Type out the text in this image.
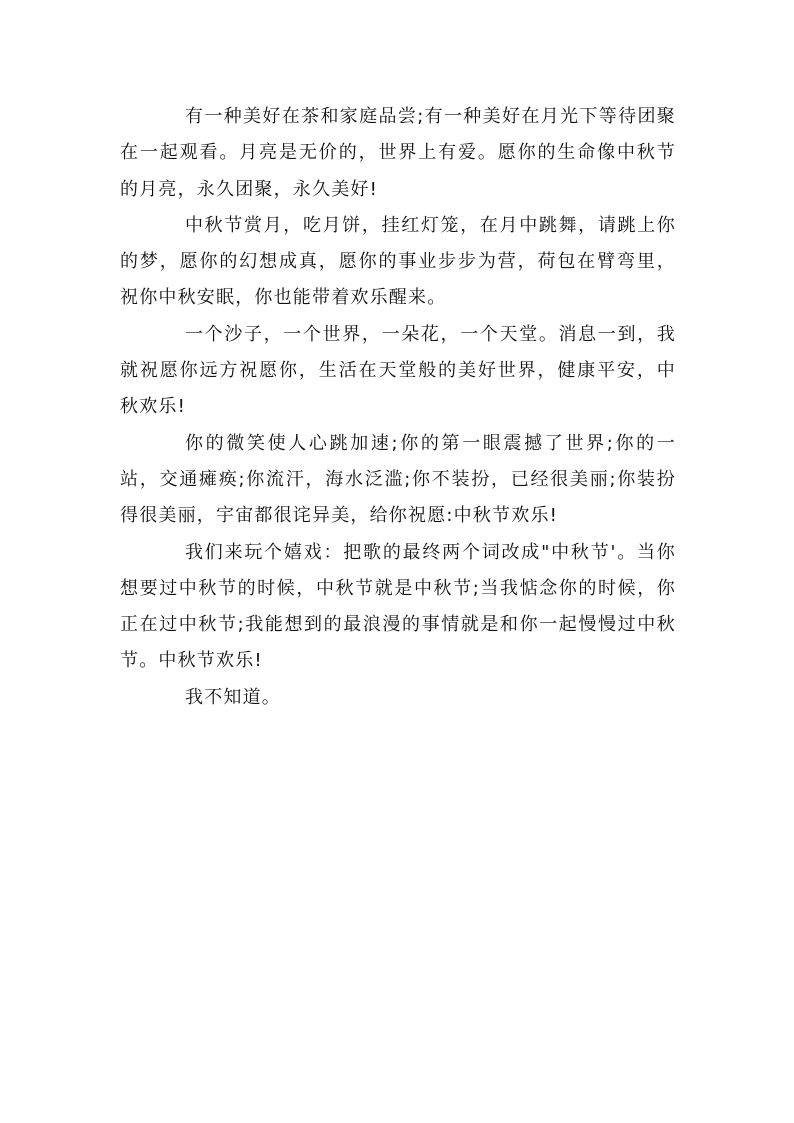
有一种美好在茶和家庭品尝;有一种美好在月光下等待团聚在一起观看。月亮是无价的，世界上有爱。愿你的生命像中秋节的月亮，永久团聚，永久美好!

中秋节赏月，吃月饼，挂红灯笼，在月中跳舞，请跳上你的梦，愿你的幻想成真，愿你的事业步步为营，荷包在臂弯里，祝你中秋安眠，你也能带着欢乐醒来。

一个沙子，一个世界，一朵花，一个天堂。消息一到，我就祝愿你远方祝愿你，生活在天堂般的美好世界，健康平安，中秋欢乐!

你的微笑使人心跳加速;你的第一眼震撼了世界;你的一站，交通瘫痪;你流汗，海水泛滥;你不装扮，已经很美丽;你装扮得很美丽，宇宙都很诧异美，给你祝愿:中秋节欢乐!

我们来玩个嬉戏：把歌的最终两个词改成"中秋节'。当你想要过中秋节的时候，中秋节就是中秋节;当我惦念你的时候，你正在过中秋节;我能想到的最浪漫的事情就是和你一起慢慢过中秋节。中秋节欢乐!

我不知道。
